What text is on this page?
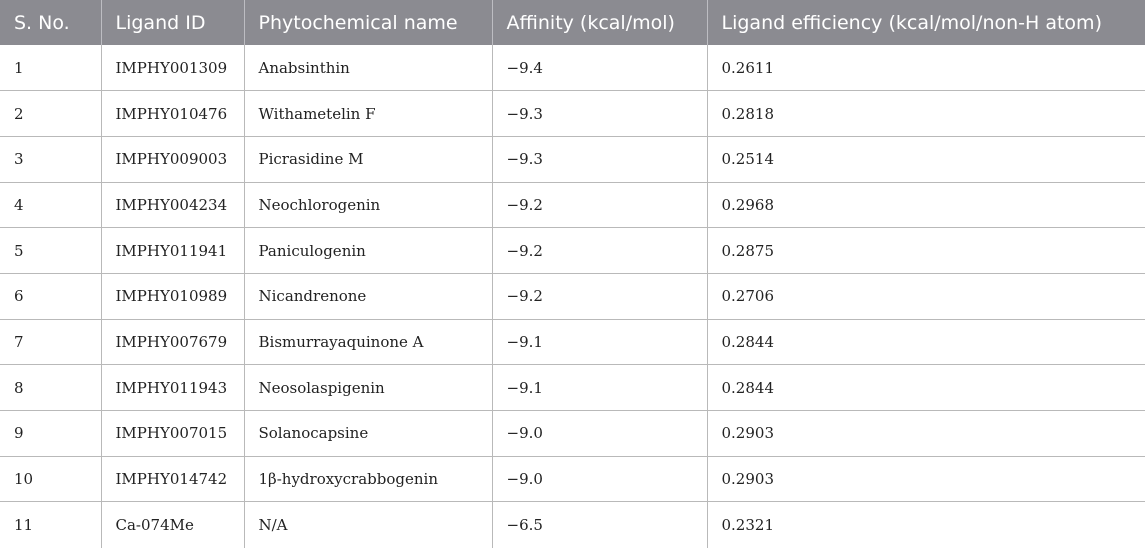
S. No.	Ligand ID	Phytochemical name	Affinity (kcal/mol)	Ligand efficiency (kcal/mol/non-H atom)
1	IMPHY001309	Anabsinthin	−9.4	0.2611
2	IMPHY010476	Withametelin F	−9.3	0.2818
3	IMPHY009003	Picrasidine M	−9.3	0.2514
4	IMPHY004234	Neochlorogenin	−9.2	0.2968
5	IMPHY011941	Paniculogenin	−9.2	0.2875
6	IMPHY010989	Nicandrenone	−9.2	0.2706
7	IMPHY007679	Bismurrayaquinone A	−9.1	0.2844
8	IMPHY011943	Neosolaspigenin	−9.1	0.2844
9	IMPHY007015	Solanocapsine	−9.0	0.2903
10	IMPHY014742	1β-hydroxycrabbogenin	−9.0	0.2903
11	Ca-074Me	N/A	−6.5	0.2321
